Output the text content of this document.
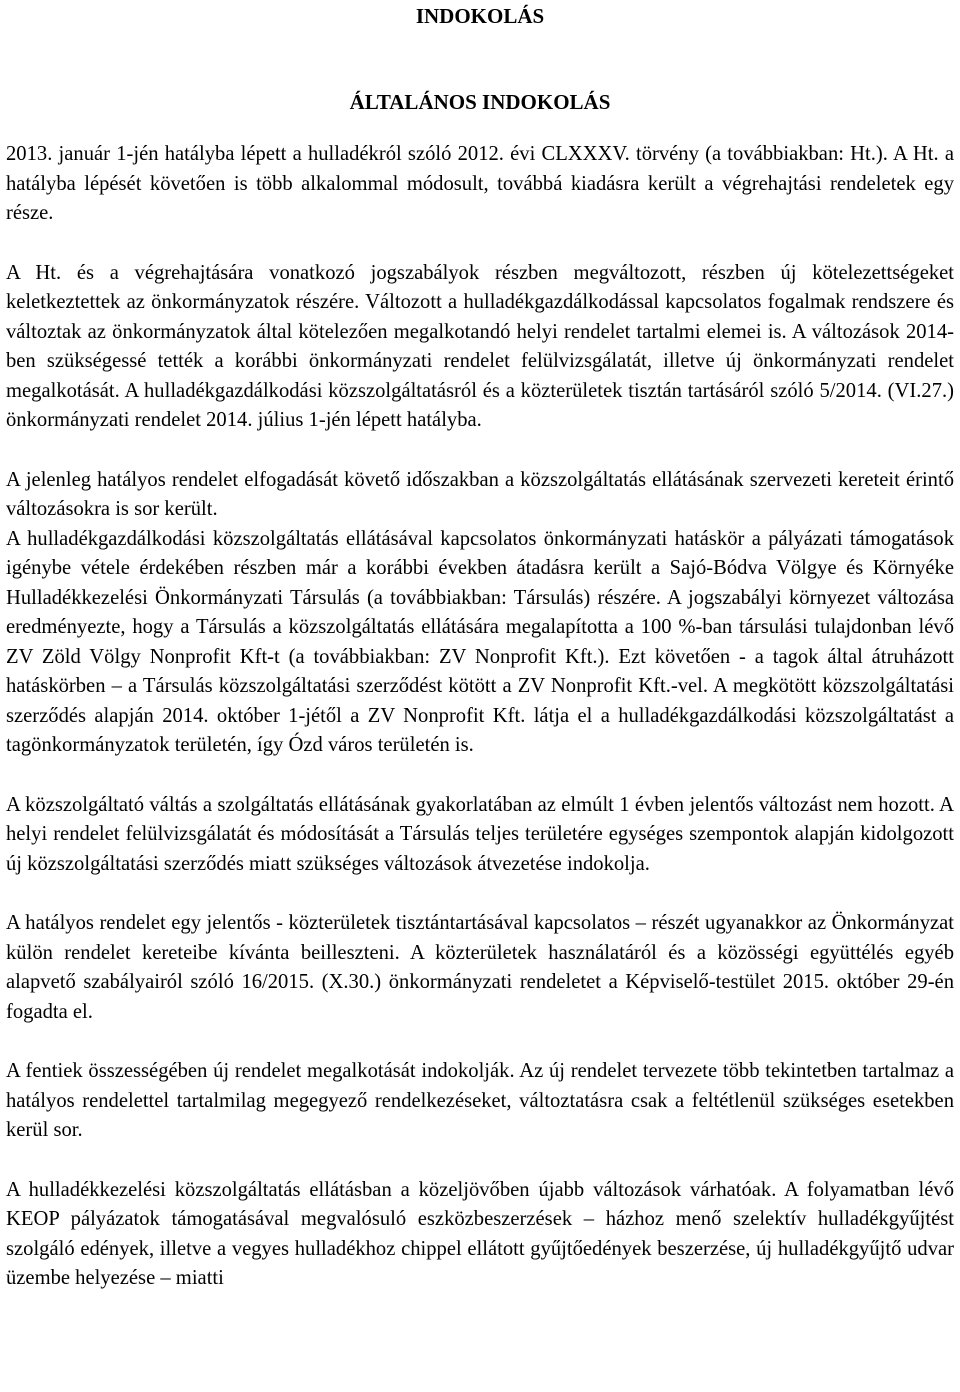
INDOKOLÁS
ÁLTALÁNOS INDOKOLÁS

2013. január 1-jén hatályba lépett a hulladékról szóló 2012. évi CLXXXV. törvény (a továbbiakban: Ht.). A Ht. a hatályba lépését követően is több alkalommal módosult, továbbá kiadásra került a végrehajtási rendeletek egy része.

A Ht. és a végrehajtására vonatkozó jogszabályok részben megváltozott, részben új kötelezettségeket keletkeztettek az önkormányzatok részére. Változott a hulladékgazdálkodással kapcsolatos fogalmak rendszere és változtak az önkormányzatok által kötelezően megalkotandó helyi rendelet tartalmi elemei is. A változások 2014-ben szükségessé tették a korábbi önkormányzati rendelet felülvizsgálatát, illetve új önkormányzati rendelet megalkotását. A hulladékgazdálkodási közszolgáltatásról és a közterületek tisztán tartásáról szóló 5/2014. (VI.27.) önkormányzati rendelet 2014. július 1-jén lépett hatályba.

A jelenleg hatályos rendelet elfogadását követő időszakban a közszolgáltatás ellátásának szervezeti kereteit érintő változásokra is sor került.

A hulladékgazdálkodási közszolgáltatás ellátásával kapcsolatos önkormányzati hatáskör a pályázati támogatások igénybe vétele érdekében részben már a korábbi években átadásra került a Sajó-Bódva Völgye és Környéke Hulladékkezelési Önkormányzati Társulás (a továbbiakban: Társulás) részére. A jogszabályi környezet változása eredményezte, hogy a Társulás a közszolgáltatás ellátására megalapította a 100 %-ban társulási tulajdonban lévő ZV Zöld Völgy Nonprofit Kft-t (a továbbiakban: ZV Nonprofit Kft.). Ezt követően - a tagok által átruházott hatáskörben – a Társulás közszolgáltatási szerződést kötött a ZV Nonprofit Kft.-vel. A megkötött közszolgáltatási szerződés alapján 2014. október 1-jétől a ZV Nonprofit Kft. látja el a hulladékgazdálkodási közszolgáltatást a tagönkormányzatok területén, így Ózd város területén is.

A közszolgáltató váltás a szolgáltatás ellátásának gyakorlatában az elmúlt 1 évben jelentős változást nem hozott. A helyi rendelet felülvizsgálatát és módosítását a Társulás teljes területére egységes szempontok alapján kidolgozott új közszolgáltatási szerződés miatt szükséges változások átvezetése indokolja.

A hatályos rendelet egy jelentős - közterületek tisztántartásával kapcsolatos – részét ugyanakkor az Önkormányzat külön rendelet kereteibe kívánta beilleszteni. A közterületek használatáról és a közösségi együttélés egyéb alapvető szabályairól szóló 16/2015. (X.30.) önkormányzati rendeletet a Képviselő-testület 2015. október 29-én fogadta el.

A fentiek összességében új rendelet megalkotását indokolják. Az új rendelet tervezete több tekintetben tartalmaz a hatályos rendelettel tartalmilag megegyező rendelkezéseket, változtatásra csak a feltétlenül szükséges esetekben kerül sor.

A hulladékkezelési közszolgáltatás ellátásban a közeljövőben újabb változások várhatóak. A folyamatban lévő KEOP pályázatok támogatásával megvalósuló eszközbeszerzések – házhoz menő szelektív hulladékgyűjtést szolgáló edények, illetve a vegyes hulladékhoz chippel ellátott gyűjtőedények beszerzése, új hulladékgyűjtő udvar üzembe helyezése – miatti
